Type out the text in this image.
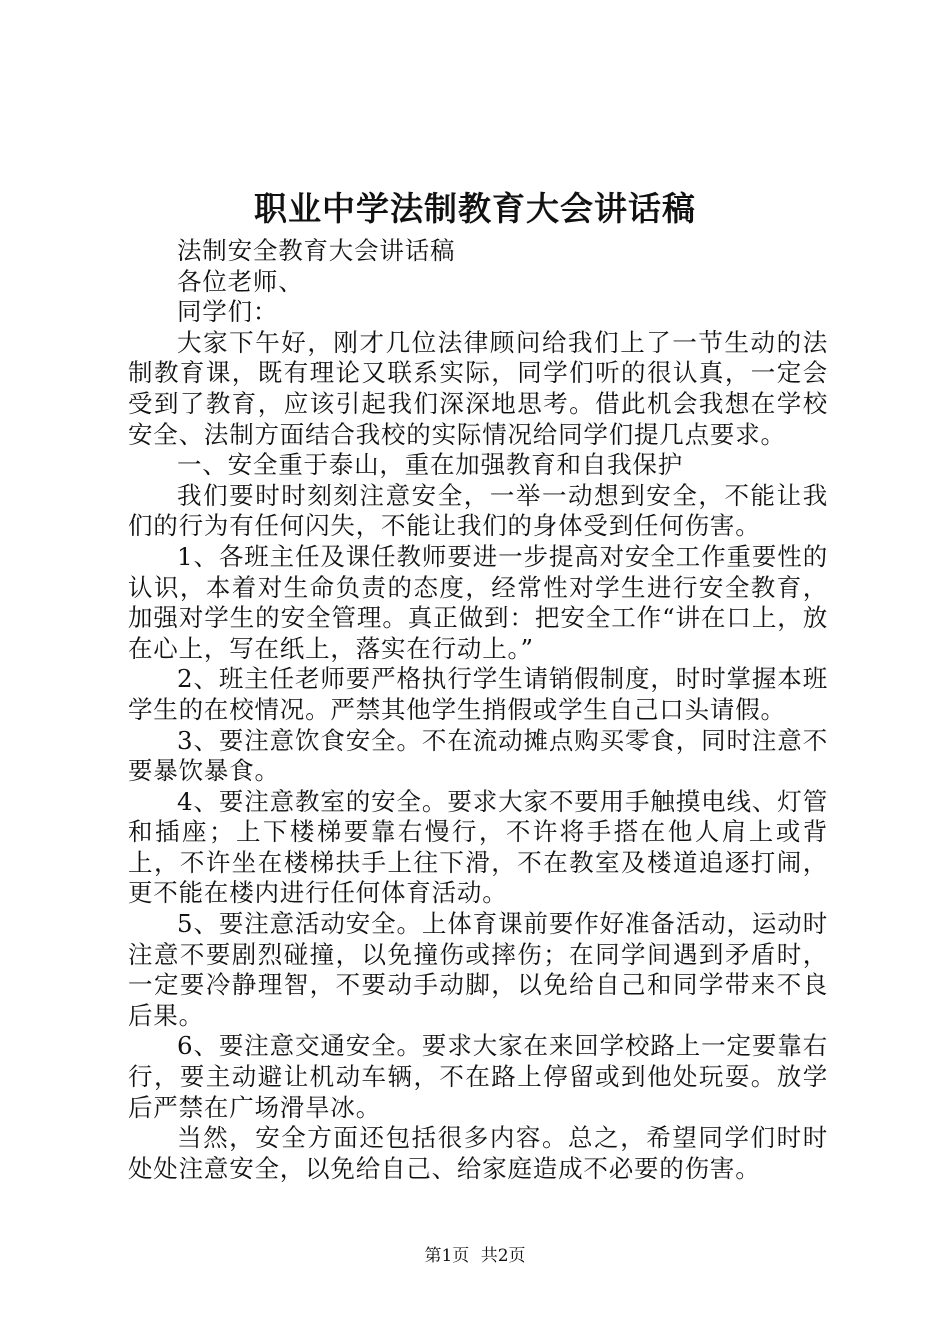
职业中学法制教育大会讲话稿

法制安全教育大会讲话稿

各位老师、

同学们：

大家下午好，刚才几位法律顾问给我们上了一节生动的法制教育课，既有理论又联系实际，同学们听的很认真，一定会受到了教育，应该引起我们深深地思考。借此机会我想在学校安全、法制方面结合我校的实际情况给同学们提几点要求。

一、安全重于泰山，重在加强教育和自我保护

我们要时时刻刻注意安全，一举一动想到安全，不能让我们的行为有任何闪失，不能让我们的身体受到任何伤害。

1、各班主任及课任教师要进一步提高对安全工作重要性的认识，本着对生命负责的态度，经常性对学生进行安全教育，加强对学生的安全管理。真正做到：把安全工作“讲在口上，放在心上，写在纸上，落实在行动上。”

2、班主任老师要严格执行学生请销假制度，时时掌握本班学生的在校情况。严禁其他学生捎假或学生自己口头请假。

3、要注意饮食安全。不在流动摊点购买零食，同时注意不要暴饮暴食。

4、要注意教室的安全。要求大家不要用手触摸电线、灯管和插座；上下楼梯要靠右慢行，不许将手搭在他人肩上或背上，不许坐在楼梯扶手上往下滑，不在教室及楼道追逐打闹，更不能在楼内进行任何体育活动。

5、要注意活动安全。上体育课前要作好准备活动，运动时注意不要剧烈碰撞，以免撞伤或摔伤；在同学间遇到矛盾时，一定要冷静理智，不要动手动脚，以免给自己和同学带来不良后果。

6、要注意交通安全。要求大家在来回学校路上一定要靠右行，要主动避让机动车辆，不在路上停留或到他处玩耍。放学后严禁在广场滑旱冰。

当然，安全方面还包括很多内容。总之，希望同学们时时处处注意安全，以免给自己、给家庭造成不必要的伤害。

第1页 共2页
